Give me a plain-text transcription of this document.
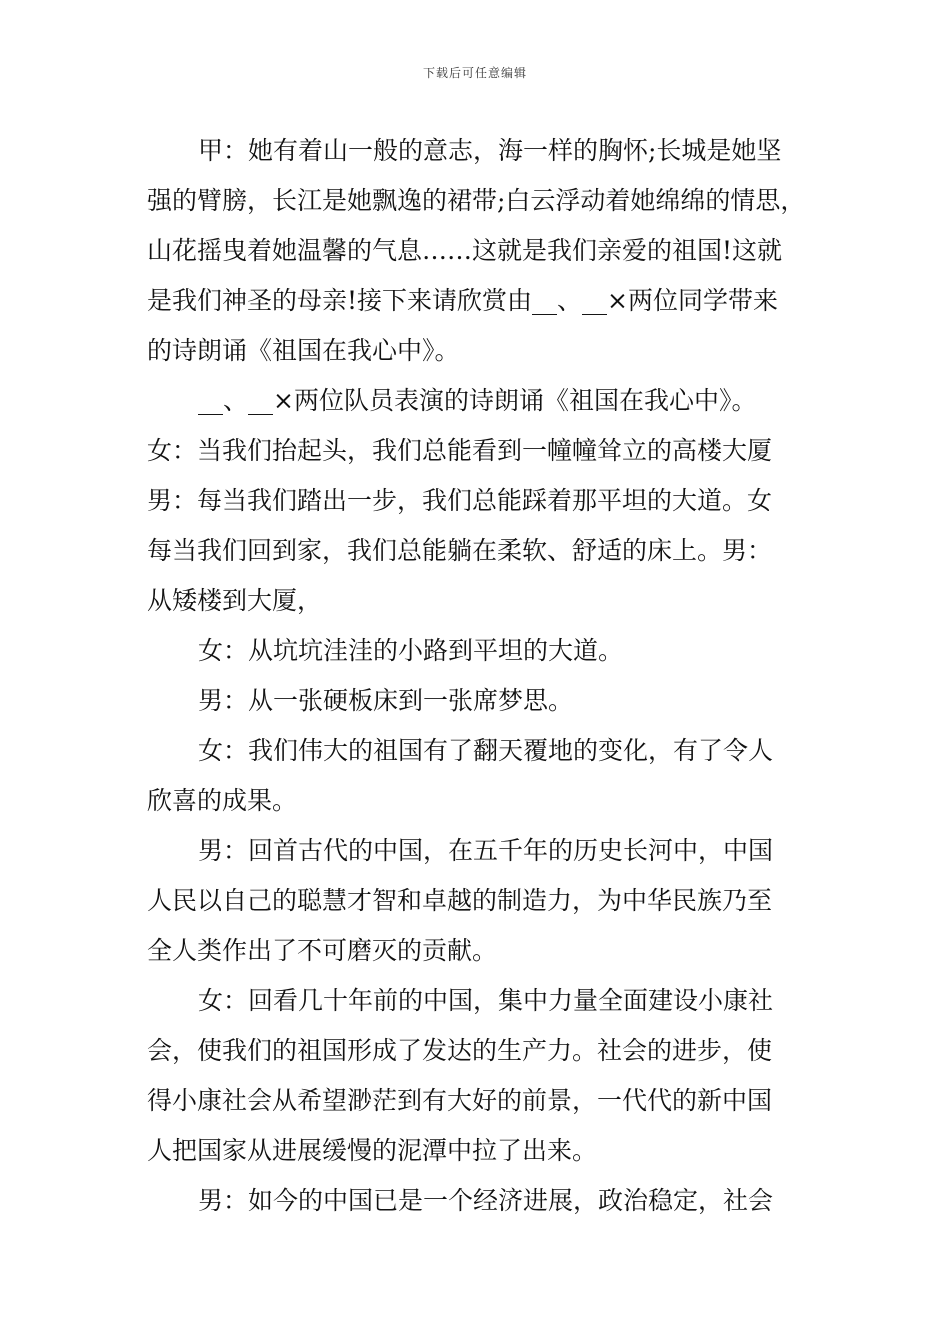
下载后可任意编辑
甲：她有着山一般的意志，海一样的胸怀;长城是她坚
强的臂膀，长江是她飘逸的裙带;白云浮动着她绵绵的情思，
山花摇曳着她温馨的气息……这就是我们亲爱的祖国!这就
是我们神圣的母亲!接下来请欣赏由__、__×两位同学带来
的诗朗诵《祖国在我心中》。
__、__×两位队员表演的诗朗诵《祖国在我心中》。
女：当我们抬起头，我们总能看到一幢幢耸立的高楼大厦
男：每当我们踏出一步，我们总能踩着那平坦的大道。女
每当我们回到家，我们总能躺在柔软、舒适的床上。男：
从矮楼到大厦，
女：从坑坑洼洼的小路到平坦的大道。
男：从一张硬板床到一张席梦思。
女：我们伟大的祖国有了翻天覆地的变化，有了令人
欣喜的成果。
男：回首古代的中国，在五千年的历史长河中，中国
人民以自己的聪慧才智和卓越的制造力，为中华民族乃至
全人类作出了不可磨灭的贡献。
女：回看几十年前的中国，集中力量全面建设小康社
会，使我们的祖国形成了发达的生产力。社会的进步，使
得小康社会从希望渺茫到有大好的前景，一代代的新中国
人把国家从进展缓慢的泥潭中拉了出来。
男：如今的中国已是一个经济进展，政治稳定，社会
